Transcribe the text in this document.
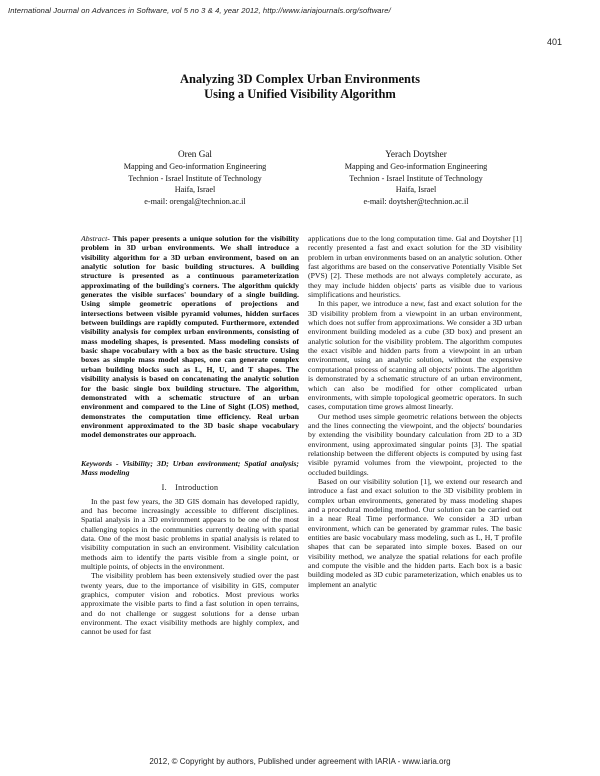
International Journal on Advances in Software, vol 5 no 3 & 4, year 2012, http://www.iariajournals.org/software/
401
Analyzing 3D Complex Urban Environments
Using a Unified Visibility Algorithm
Oren Gal
Mapping and Geo-information Engineering
Technion - Israel Institute of Technology
Haifa, Israel
e-mail: orengal@technion.ac.il
Yerach Doytsher
Mapping and Geo-information Engineering
Technion - Israel Institute of Technology
Haifa, Israel
e-mail: doytsher@technion.ac.il

Abstract- This paper presents a unique solution for the visibility problem in 3D urban environments. We shall introduce a visibility algorithm for a 3D urban environment, based on an analytic solution for basic building structures. A building structure is presented as a continuous parameterization approximating of the building's corners. The algorithm quickly generates the visible surfaces' boundary of a single building. Using simple geometric operations of projections and intersections between visible pyramid volumes, hidden surfaces between buildings are rapidly computed. Furthermore, extended visibility analysis for complex urban environments, consisting of mass modeling shapes, is presented. Mass modeling consists of basic shape vocabulary with a box as the basic structure. Using boxes as simple mass model shapes, one can generate complex urban building blocks such as L, H, U, and T shapes. The visibility analysis is based on concatenating the analytic solution for the basic single box building structure. The algorithm, demonstrated with a schematic structure of an urban environment and compared to the Line of Sight (LOS) method, demonstrates the computation time efficiency. Real urban environment approximated to the 3D basic shape vocabulary model demonstrates our approach.

Keywords - Visibility; 3D; Urban environment; Spatial analysis; Mass modeling

I. Introduction

In the past few years, the 3D GIS domain has developed rapidly, and has become increasingly accessible to different disciplines. Spatial analysis in a 3D environment appears to be one of the most challenging topics in the communities currently dealing with spatial data. One of the most basic problems in spatial analysis is related to visibility computation in such an environment. Visibility calculation methods aim to identify the parts visible from a single point, or multiple points, of objects in the environment.

The visibility problem has been extensively studied over the past twenty years, due to the importance of visibility in GIS, computer graphics, computer vision and robotics. Most previous works approximate the visible parts to find a fast solution in open terrains, and do not challenge or suggest solutions for a dense urban environment. The exact visibility methods are highly complex, and cannot be used for fast

applications due to the long computation time. Gal and Doytsher [1] recently presented a fast and exact solution for the 3D visibility problem in urban environments based on an analytic solution. Other fast algorithms are based on the conservative Potentially Visible Set (PVS) [2]. These methods are not always completely accurate, as they may include hidden objects' parts as visible due to various simplifications and heuristics.

In this paper, we introduce a new, fast and exact solution for the 3D visibility problem from a viewpoint in an urban environment, which does not suffer from approximations. We consider a 3D urban environment building modeled as a cube (3D box) and present an analytic solution for the visibility problem. The algorithm computes the exact visible and hidden parts from a viewpoint in an urban environment, using an analytic solution, without the expensive computational process of scanning all objects' points. The algorithm is demonstrated by a schematic structure of an urban environment, which can also be modified for other complicated urban environments, with simple topological geometric operators. In such cases, computation time grows almost linearly.

Our method uses simple geometric relations between the objects and the lines connecting the viewpoint, and the objects' boundaries by extending the visibility boundary calculation from 2D to a 3D environment, using approximated singular points [3]. The spatial relationship between the different objects is computed by using fast visible pyramid volumes from the viewpoint, projected to the occluded buildings.

Based on our visibility solution [1], we extend our research and introduce a fast and exact solution to the 3D visibility problem in complex urban environments, generated by mass modeling shapes and a procedural modeling method. Our solution can be carried out in a near Real Time performance. We consider a 3D urban environment, which can be generated by grammar rules. The basic entities are basic vocabulary mass modeling, such as L, H, T profile shapes that can be separated into simple boxes. Based on our visibility method, we analyze the spatial relations for each profile and compute the visible and the hidden parts. Each box is a basic building modeled as 3D cubic parameterization, which enables us to implement an analytic

2012, © Copyright by authors, Published under agreement with IARIA - www.iaria.org
